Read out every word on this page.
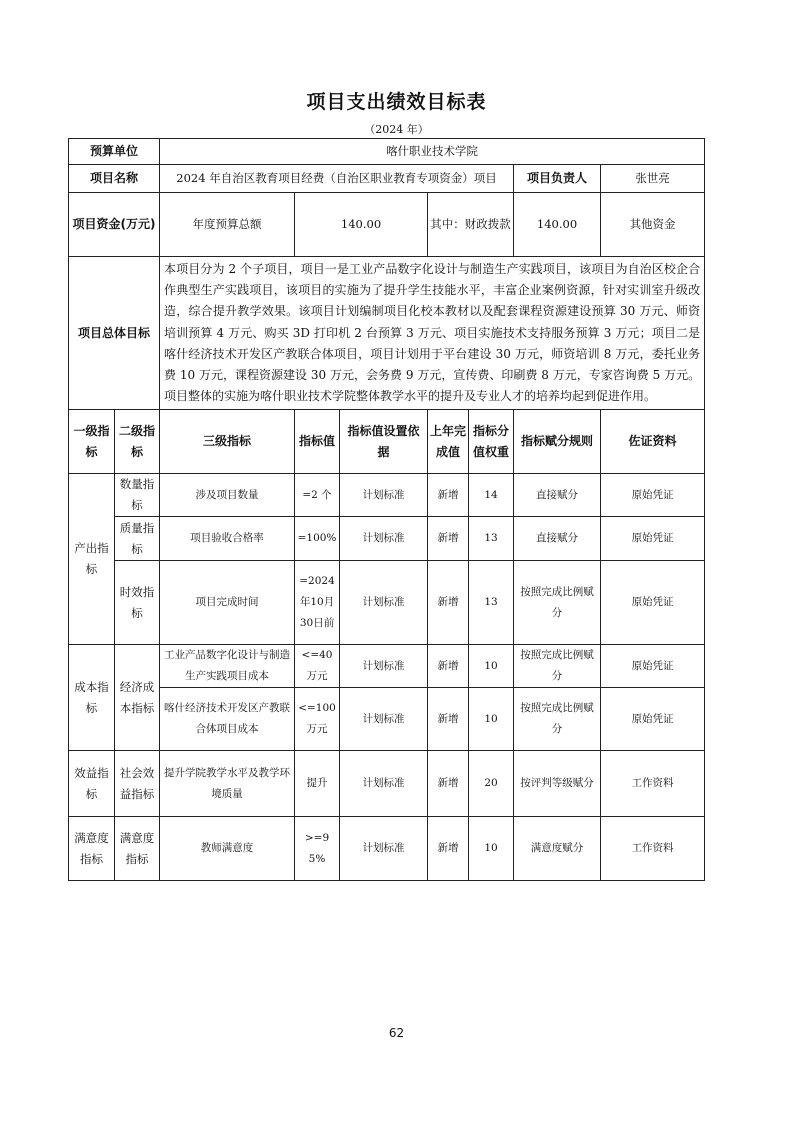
项目支出绩效目标表
（2024 年）
预算单位		喀什职业技术学院							
项目名称		2024 年自治区教育项目经费（自治区职业教育专项资金）项目					项目负责人	张世亮	
项目资金(万元)		年度预算总额	140.00		其中：财政拨款		140.00	其他资金	
项目总体目标		本项目分为 2 个子项目，项目一是工业产品数字化设计与制造生产实践项目，该项目为自治区校企合作典型生产实践项目，该项目的实施为了提升学生技能水平，丰富企业案例资源，针对实训室升级改造，综合提升教学效果。该项目计划编制项目化校本教材以及配套课程资源建设预算 30 万元、师资培训预算 4 万元、购买 3D 打印机 2 台预算 3 万元、项目实施技术支持服务预算 3 万元；项目二是喀什经济技术开发区产教联合体项目，项目计划用于平台建设 30 万元，师资培训 8 万元，委托业务费 10 万元，课程资源建设 30 万元，会务费 9 万元，宣传费、印刷费 8 万元，专家咨询费 5 万元。项目整体的实施为喀什职业技术学院整体教学水平的提升及专业人才的培养均起到促进作用。							
一级指标	二级指标	三级指标	指标值	指标值设置依据	上年完成值	指标分值权重	指标赋分规则	佐证资料	
产出指标	数量指标	涉及项目数量	=2 个	计划标准	新增	14	直接赋分	原始凭证	
	质量指标	项目验收合格率	=100%	计划标准	新增	13	直接赋分	原始凭证	
	时效指标	项目完成时间	=2024年10月30日前	计划标准	新增	13	按照完成比例赋分	原始凭证	
成本指标	经济成本指标	工业产品数字化设计与制造生产实践项目成本	<=40万元	计划标准	新增	10	按照完成比例赋分	原始凭证	
		喀什经济技术开发区产教联合体项目成本	<=100万元	计划标准	新增	10	按照完成比例赋分	原始凭证	
效益指标	社会效益指标	提升学院教学水平及教学环境质量	提升	计划标准	新增	20	按评判等级赋分	工作资料	
满意度指标	满意度指标	教师满意度	>=95%	计划标准	新增	10	满意度赋分	工作资料	
62
